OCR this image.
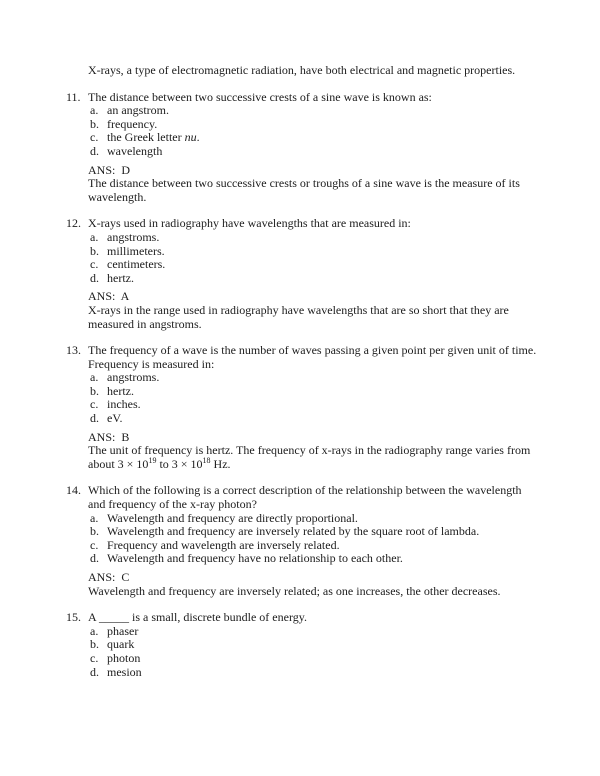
X-rays, a type of electromagnetic radiation, have both electrical and magnetic properties.
11. The distance between two successive crests of a sine wave is known as:
a. an angstrom.
b. frequency.
c. the Greek letter nu.
d. wavelength
ANS:  D
The distance between two successive crests or troughs of a sine wave is the measure of its wavelength.
12. X-rays used in radiography have wavelengths that are measured in:
a. angstroms.
b. millimeters.
c. centimeters.
d. hertz.
ANS:  A
X-rays in the range used in radiography have wavelengths that are so short that they are measured in angstroms.
13. The frequency of a wave is the number of waves passing a given point per given unit of time. Frequency is measured in:
a. angstroms.
b. hertz.
c. inches.
d. eV.
ANS:  B
The unit of frequency is hertz. The frequency of x-rays in the radiography range varies from about $3 \times 10^{19}$ to $3 \times 10^{18}$ Hz.
14. Which of the following is a correct description of the relationship between the wavelength and frequency of the x-ray photon?
a. Wavelength and frequency are directly proportional.
b. Wavelength and frequency are inversely related by the square root of lambda.
c. Frequency and wavelength are inversely related.
d. Wavelength and frequency have no relationship to each other.
ANS:  C
Wavelength and frequency are inversely related; as one increases, the other decreases.
15. A _____ is a small, discrete bundle of energy.
a. phaser
b. quark
c. photon
d. mesion
